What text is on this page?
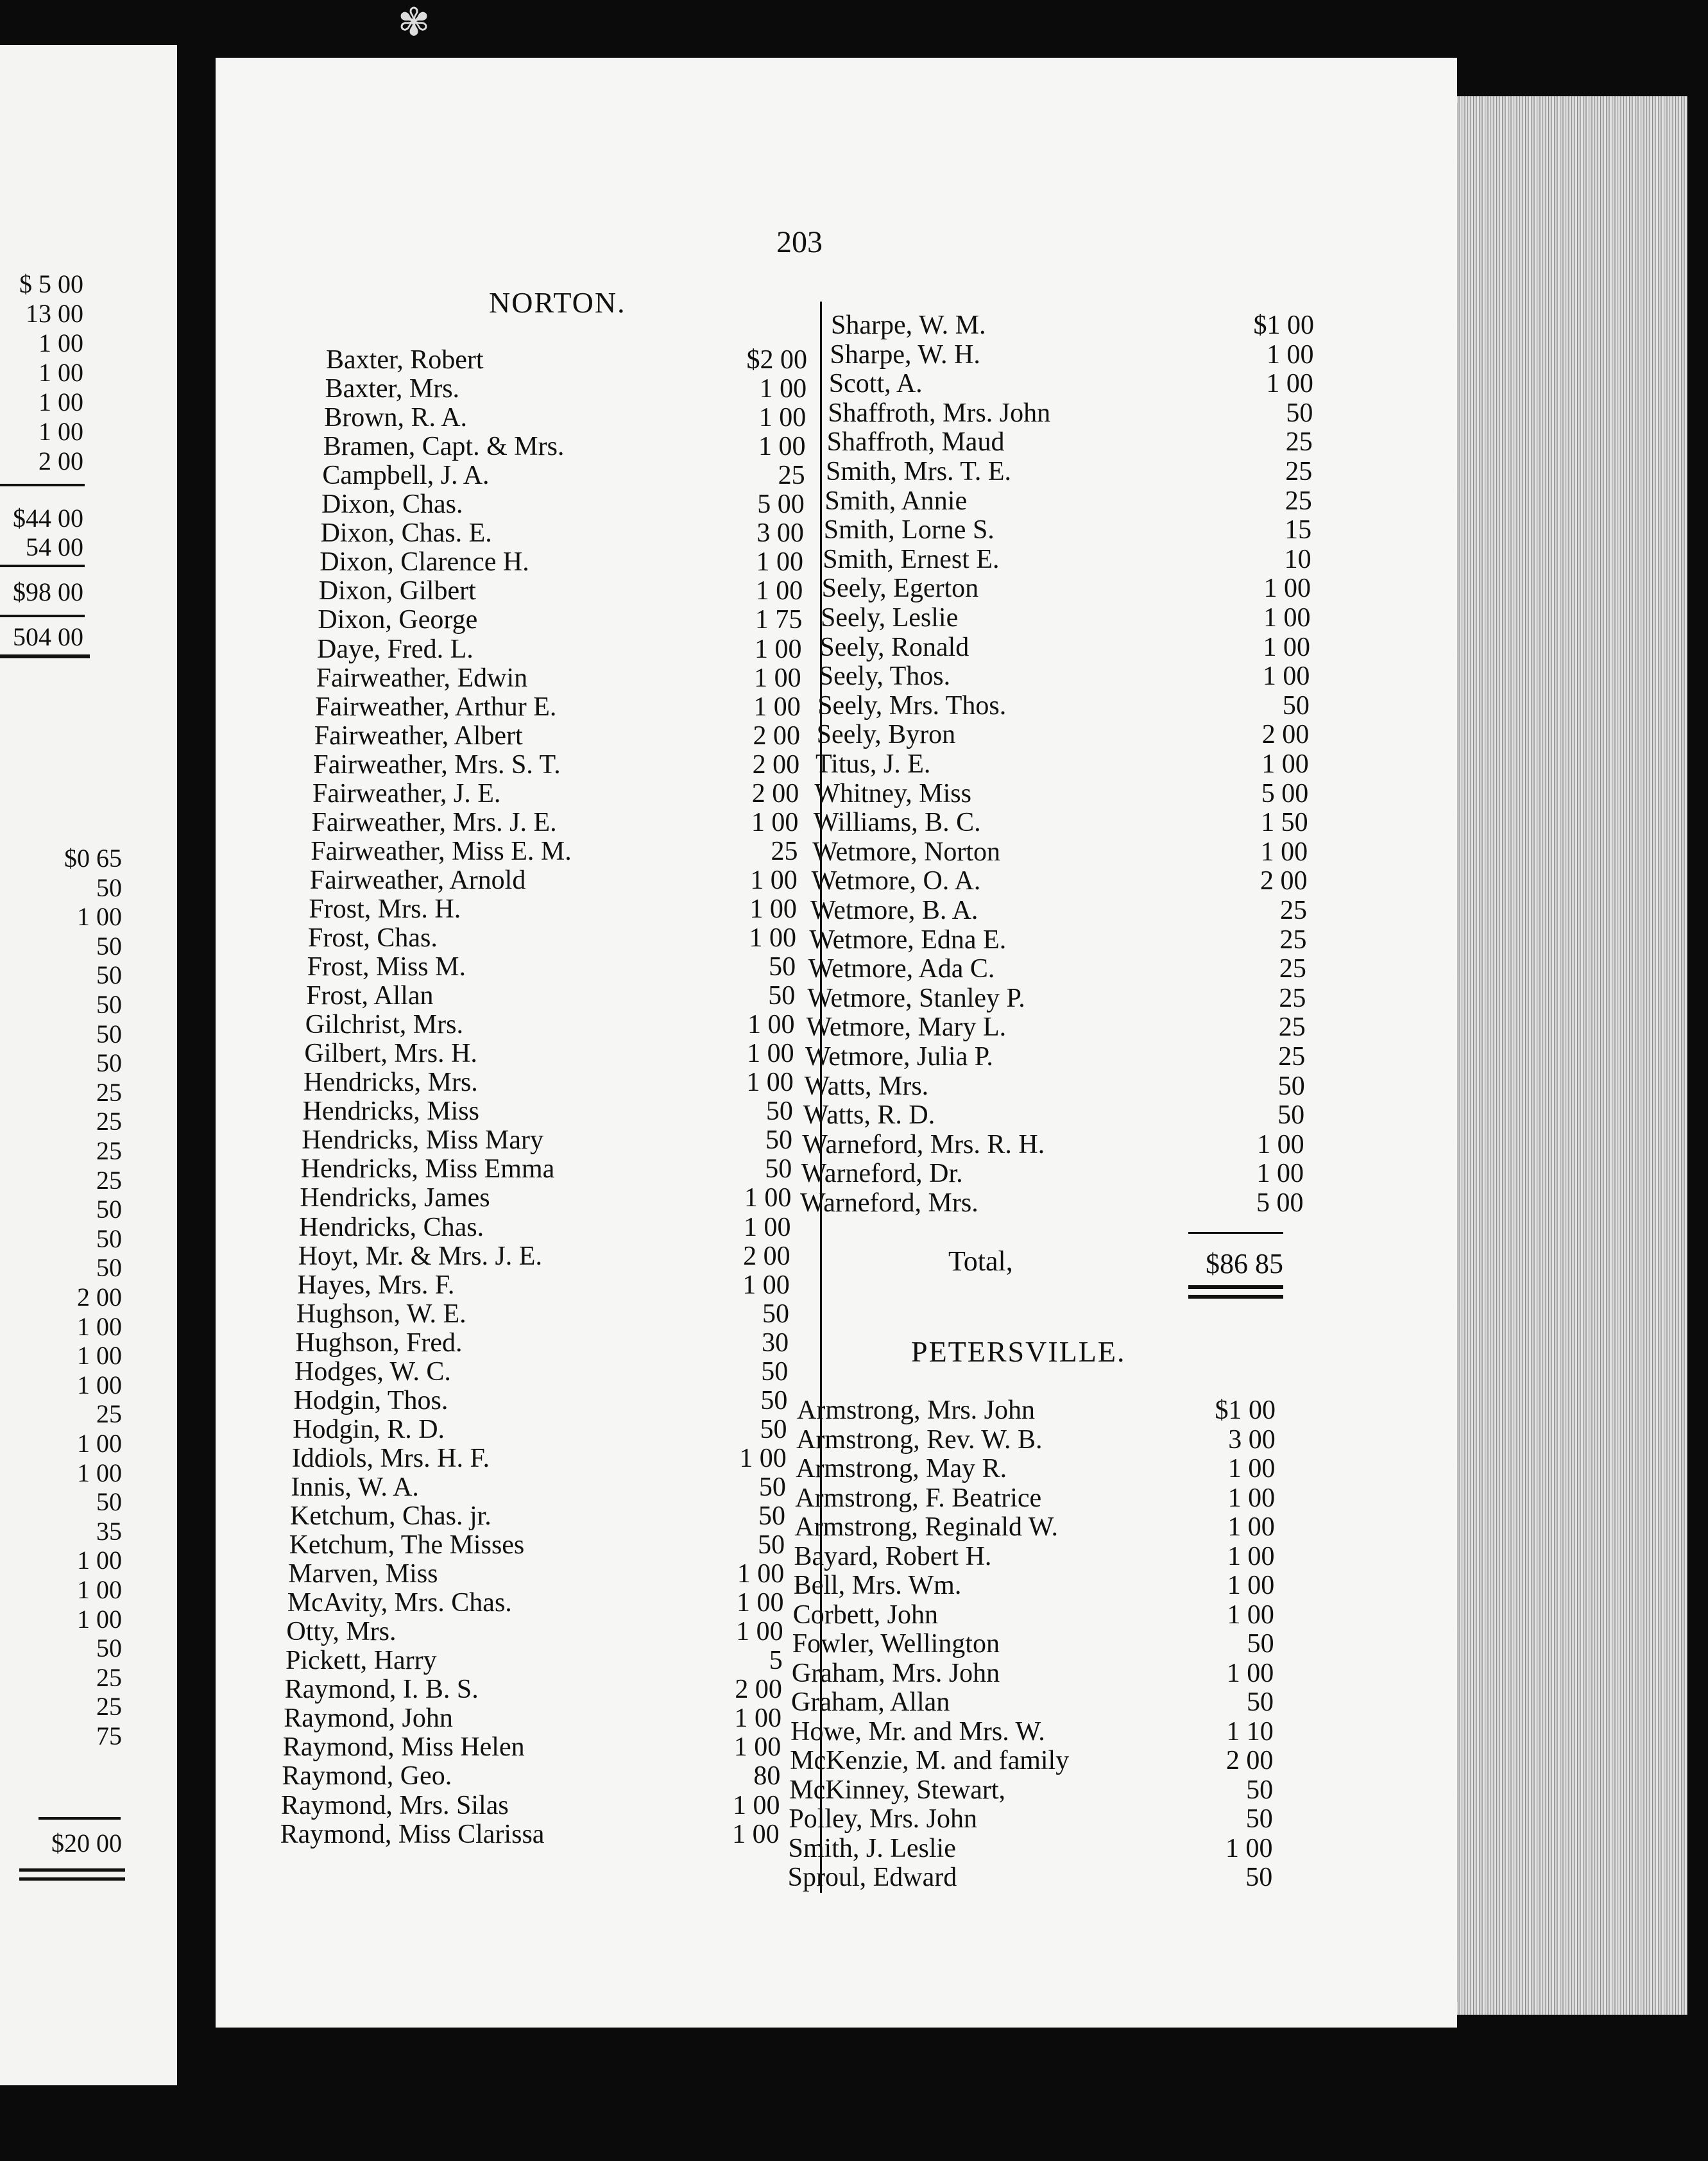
✾
$ 5 00
13 00
1 00
1 00
1 00
1 00
2 00
$44 00
54 00
$98 00
504 00
$0 65
50
1 00
50
50
50
50
50
25
25
25
25
50
50
50
2 00
1 00
1 00
1 00
25
1 00
1 00
50
35
1 00
1 00
1 00
50
25
25
75
$20 00
203
NORTON.
Baxter, Robert	$2 00
Baxter, Mrs.	1 00
Brown, R. A.	1 00
Bramen, Capt. & Mrs.	1 00
Campbell, J. A.	25
Dixon, Chas.	5 00
Dixon, Chas. E.	3 00
Dixon, Clarence H.	1 00
Dixon, Gilbert	1 00
Dixon, George	1 75
Daye, Fred. L.	1 00
Fairweather, Edwin	1 00
Fairweather, Arthur E.	1 00
Fairweather, Albert	2 00
Fairweather, Mrs. S. T.	2 00
Fairweather, J. E.	2 00
Fairweather, Mrs. J. E.	1 00
Fairweather, Miss E. M.	25
Fairweather, Arnold	1 00
Frost, Mrs. H.	1 00
Frost, Chas.	1 00
Frost, Miss M.	50
Frost, Allan	50
Gilchrist, Mrs.	1 00
Gilbert, Mrs. H.	1 00
Hendricks, Mrs.	1 00
Hendricks, Miss	50
Hendricks, Miss Mary	50
Hendricks, Miss Emma	50
Hendricks, James	1 00
Hendricks, Chas.	1 00
Hoyt, Mr. & Mrs. J. E.	2 00
Hayes, Mrs. F.	1 00
Hughson, W. E.	50
Hughson, Fred.	30
Hodges, W. C.	50
Hodgin, Thos.	50
Hodgin, R. D.	50
Iddiols, Mrs. H. F.	1 00
Innis, W. A.	50
Ketchum, Chas. jr.	50
Ketchum, The Misses	50
Marven, Miss	1 00
McAvity, Mrs. Chas.	1 00
Otty, Mrs.	1 00
Pickett, Harry	5
Raymond, I. B. S.	2 00
Raymond, John	1 00
Raymond, Miss Helen	1 00
Raymond, Geo.	80
Raymond, Mrs. Silas	1 00
Raymond, Miss Clarissa	1 00
Sharpe, W. M.	$1 00
Sharpe, W. H.	1 00
Scott, A.	1 00
Shaffroth, Mrs. John	50
Shaffroth, Maud	25
Smith, Mrs. T. E.	25
Smith, Annie	25
Smith, Lorne S.	15
Smith, Ernest E.	10
Seely, Egerton	1 00
Seely, Leslie	1 00
Seely, Ronald	1 00
Seely, Thos.	1 00
Seely, Mrs. Thos.	50
Seely, Byron	2 00
Titus, J. E.	1 00
Whitney, Miss	5 00
Williams, B. C.	1 50
Wetmore, Norton	1 00
Wetmore, O. A.	2 00
Wetmore, B. A.	25
Wetmore, Edna E.	25
Wetmore, Ada C.	25
Wetmore, Stanley P.	25
Wetmore, Mary L.	25
Wetmore, Julia P.	25
Watts, Mrs.	50
Watts, R. D.	50
Warneford, Mrs. R. H.	1 00
Warneford, Dr.	1 00
Warneford, Mrs.	5 00
Total,	$86 85
PETERSVILLE.
Armstrong, Mrs. John	$1 00
Armstrong, Rev. W. B.	3 00
Armstrong, May R.	1 00
Armstrong, F. Beatrice	1 00
Armstrong, Reginald W.	1 00
Bayard, Robert H.	1 00
Bell, Mrs. Wm.	1 00
Corbett, John	1 00
Fowler, Wellington	50
Graham, Mrs. John	1 00
Graham, Allan	50
Howe, Mr. and Mrs. W.	1 10
McKenzie, M. and family	2 00
McKinney, Stewart,	50
Polley, Mrs. John	50
Smith, J. Leslie	1 00
Sproul, Edward	50
